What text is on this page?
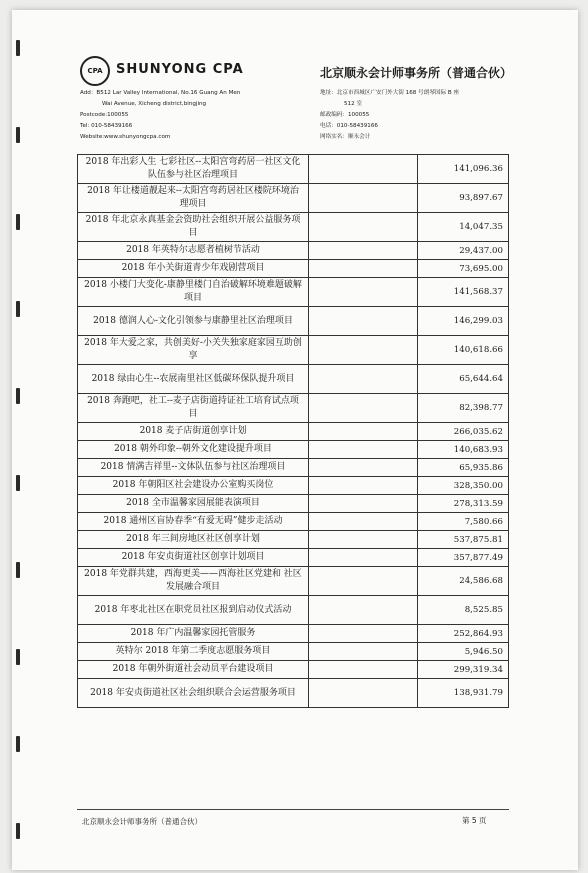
CPA SHUNYONG CPA	北京顺永会计师事务所（普通合伙）
Add：B512 Lar Valley International, No.16 Guang An Men
Wai Avenue, Xicheng district,bingjing
Postcode:100055
Tel: 010-58439166
Website:www.shunyongcpa.com
地址：北京市西城区广安门外大街 168 号朗琴国际 B 座
512 室
邮政编码：100055
电话：010-58439166
网络实名：顺永会计
2018 年出彩人生 七彩社区--太阳宫弯药居一社区文化队伍参与社区治理项目		141,096.36
2018 年让楼道靓起来--太阳宫弯药居社区楼院环境治理项目		93,897.67
2018 年北京永真基金会资助社会组织开展公益服务项目		14,047.35
2018 年英特尔志愿者植树节活动		29,437.00
2018 年小关街道青少年戏剧营项目		73,695.00
2018 小楼门大变化-康静里楼门自治破解环境难题破解项目		141,568.37
2018 德润人心-文化引领参与康静里社区治理项目		146,299.03
2018 年大爱之家，共创美好-小关失独家庭家园互助创享		140,618.66
2018 绿由心生--农展南里社区低碳环保队提升项目		65,644.64
2018 奔跑吧，社工--麦子店街道持证社工培育试点项目		82,398.77
2018 麦子店街道创享计划		266,035.62
2018 朝外印象--朝外文化建设提升项目		140,683.93
2018 情满吉祥里--文体队伍参与社区治理项目		65,935.86
2018 年朝阳区社会建设办公室购买岗位		328,350.00
2018 全市温馨家园展能表演项目		278,313.59
2018 通州区盲协春季“有爱无碍”健步走活动		7,580.66
2018 年三间房地区社区创享计划		537,875.81
2018 年安贞街道社区创享计划项目		357,877.49
2018 年党群共建，西海更美——西海社区党建和 社区发展融合项目		24,586.68
2018 年枣北社区在职党员社区报到启动仪式活动		8,525.85
2018 年广内温馨家园托管服务		252,864.93
英特尔 2018 年第二季度志愿服务项目		5,946.50
2018 年朝外街道社会动员平台建设项目		299,319.34
2018 年安贞街道社区社会组织联合会运营服务项目		138,931.79
北京顺永会计师事务所（普通合伙）	第 5 页
